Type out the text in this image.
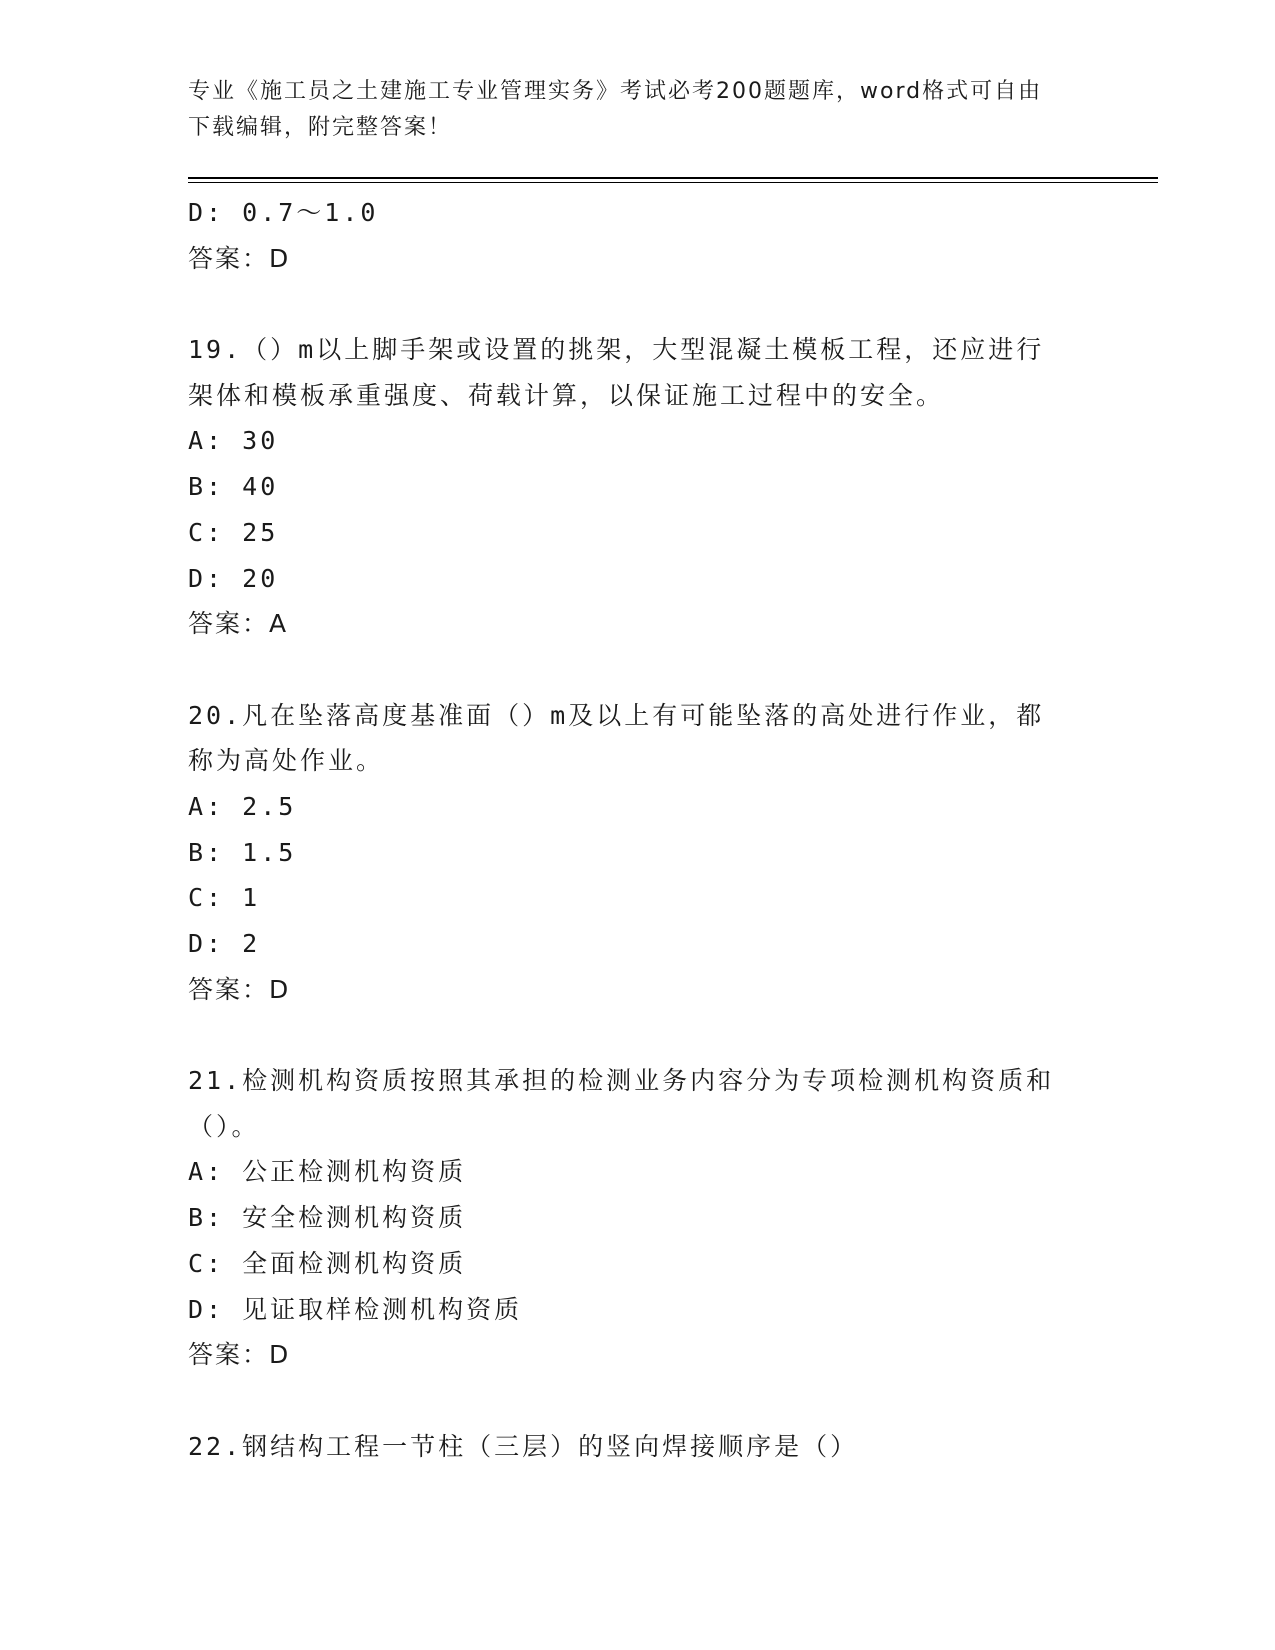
专业《施工员之土建施工专业管理实务》考试必考200题题库，word格式可自由
下载编辑，附完整答案！
D: 0.7～1.0
答案：D
19.（）m以上脚手架或设置的挑架，大型混凝土模板工程，还应进行
架体和模板承重强度、荷载计算，以保证施工过程中的安全。
A: 30
B: 40
C: 25
D: 20
答案：A
20.凡在坠落高度基准面（）m及以上有可能坠落的高处进行作业，都
称为高处作业。
A: 2.5
B: 1.5
C: 1
D: 2
答案：D
21.检测机构资质按照其承担的检测业务内容分为专项检测机构资质和
（）。
A: 公正检测机构资质
B: 安全检测机构资质
C: 全面检测机构资质
D: 见证取样检测机构资质
答案：D
22.钢结构工程一节柱（三层）的竖向焊接顺序是（）
